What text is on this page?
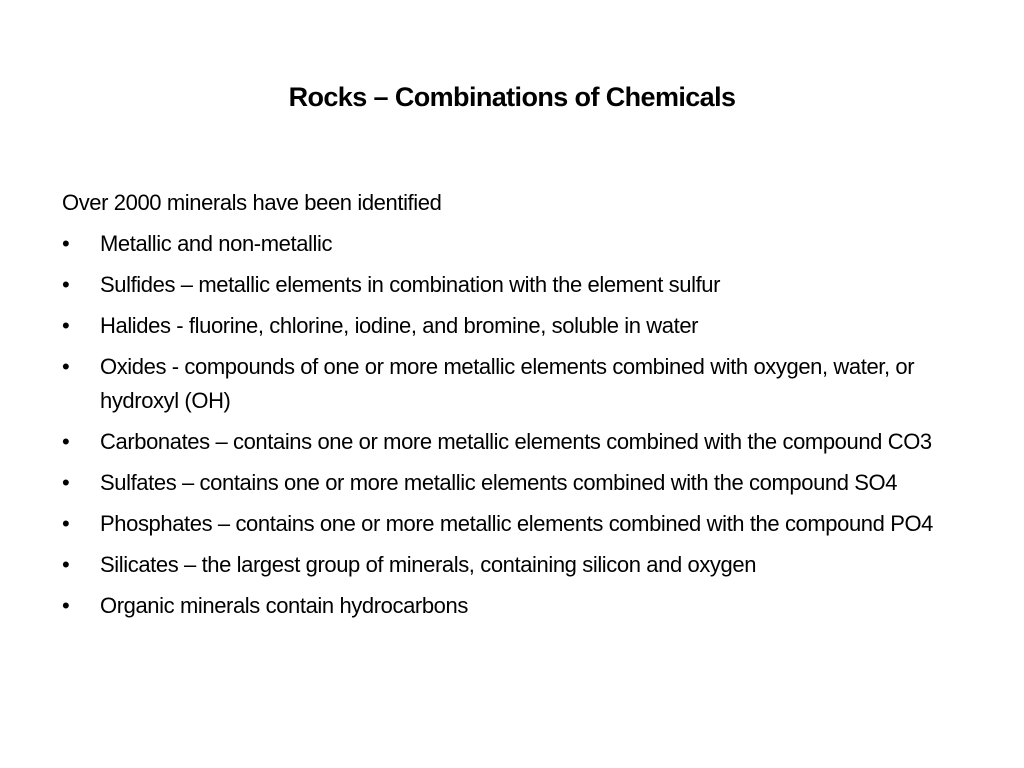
Rocks – Combinations of Chemicals
Over 2000 minerals have been identified
• Metallic and non-metallic
• Sulfides – metallic elements in combination with the element sulfur
• Halides - fluorine, chlorine, iodine, and bromine, soluble in water
• Oxides - compounds of one or more metallic elements combined with oxygen, water, or hydroxyl (OH)
• Carbonates – contains one or more metallic elements combined with the compound CO3
• Sulfates – contains one or more metallic elements combined with the compound SO4
• Phosphates – contains one or more metallic elements combined with the compound PO4
• Silicates – the largest group of minerals, containing silicon and oxygen
• Organic minerals contain hydrocarbons
